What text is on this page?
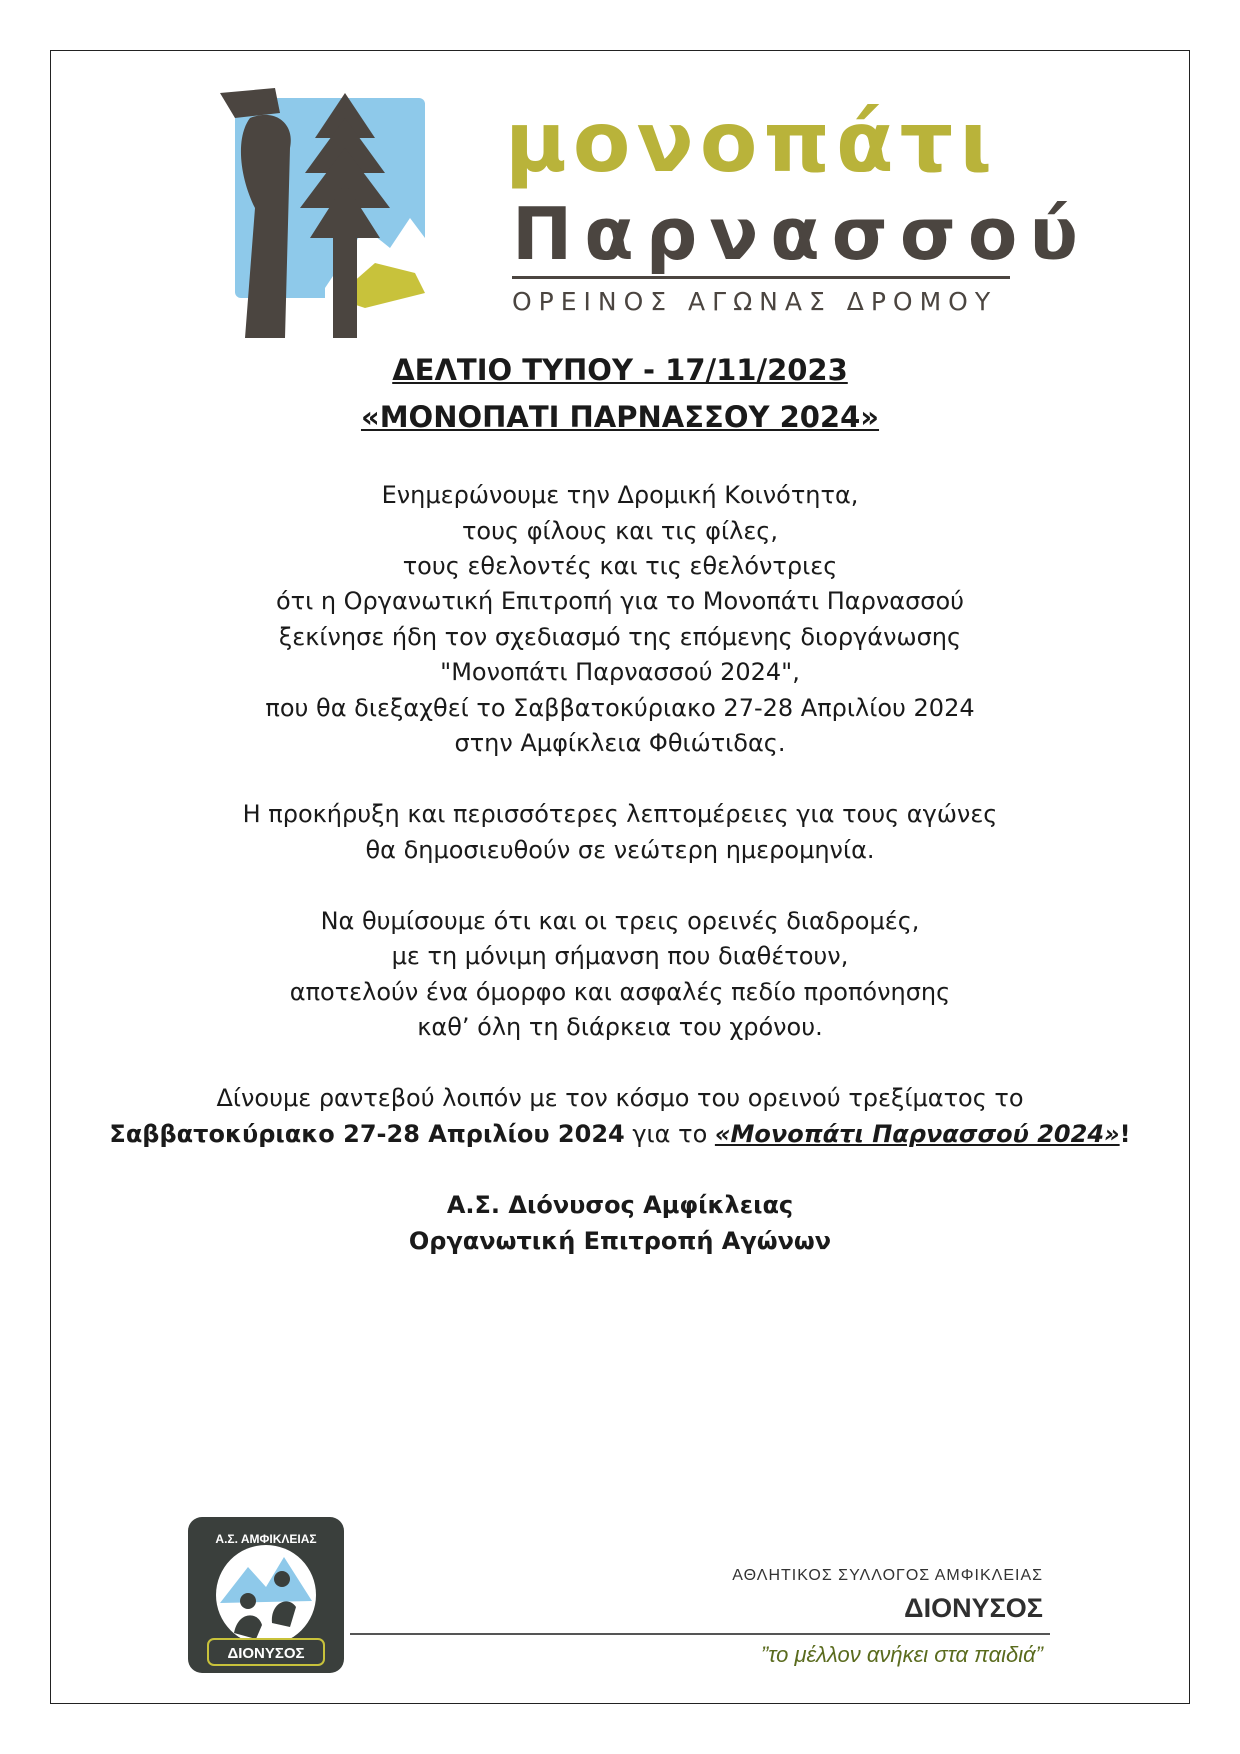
μονοπάτι
Παρνασσού
ΟΡΕΙΝΟΣ ΑΓΩΝΑΣ ΔΡΟΜΟΥ
ΔΕΛΤΙΟ ΤΥΠΟΥ - 17/11/2023
«ΜΟΝΟΠΑΤΙ ΠΑΡΝΑΣΣΟΥ 2024»
Ενημερώνουμε την Δρομική Κοινότητα,
τους φίλους και τις φίλες,
τους εθελοντές και τις εθελόντριες
ότι η Οργανωτική Επιτροπή για το Μονοπάτι Παρνασσού
ξεκίνησε ήδη τον σχεδιασμό της επόμενης διοργάνωσης
"Μονοπάτι Παρνασσού 2024",
που θα διεξαχθεί το Σαββατοκύριακο 27-28 Απριλίου 2024
στην Αμφίκλεια Φθιώτιδας.
Η προκήρυξη και περισσότερες λεπτομέρειες για τους αγώνες
θα δημοσιευθούν σε νεώτερη ημερομηνία.
Να θυμίσουμε ότι και οι τρεις ορεινές διαδρομές,
με τη μόνιμη σήμανση που διαθέτουν,
αποτελούν ένα όμορφο και ασφαλές πεδίο προπόνησης
καθ’ όλη τη διάρκεια του χρόνου.
Δίνουμε ραντεβού λοιπόν με τον κόσμο του ορεινού τρεξίματος το
Σαββατοκύριακο 27-28 Απριλίου 2024 για το «Μονοπάτι Παρνασσού 2024»!
Α.Σ. Διόνυσος Αμφίκλειας
Οργανωτική Επιτροπή Αγώνων
ΔΙΟΝΥΣΟΣ
Α.Σ. ΑΜΦΙΚΛΕΙΑΣ
ΑΘΛΗΤΙΚΟΣ ΣΥΛΛΟΓΟΣ ΑΜΦΙΚΛΕΙΑΣ
ΔΙΟΝΥΣΟΣ
”το μέλλον ανήκει στα παιδιά”
